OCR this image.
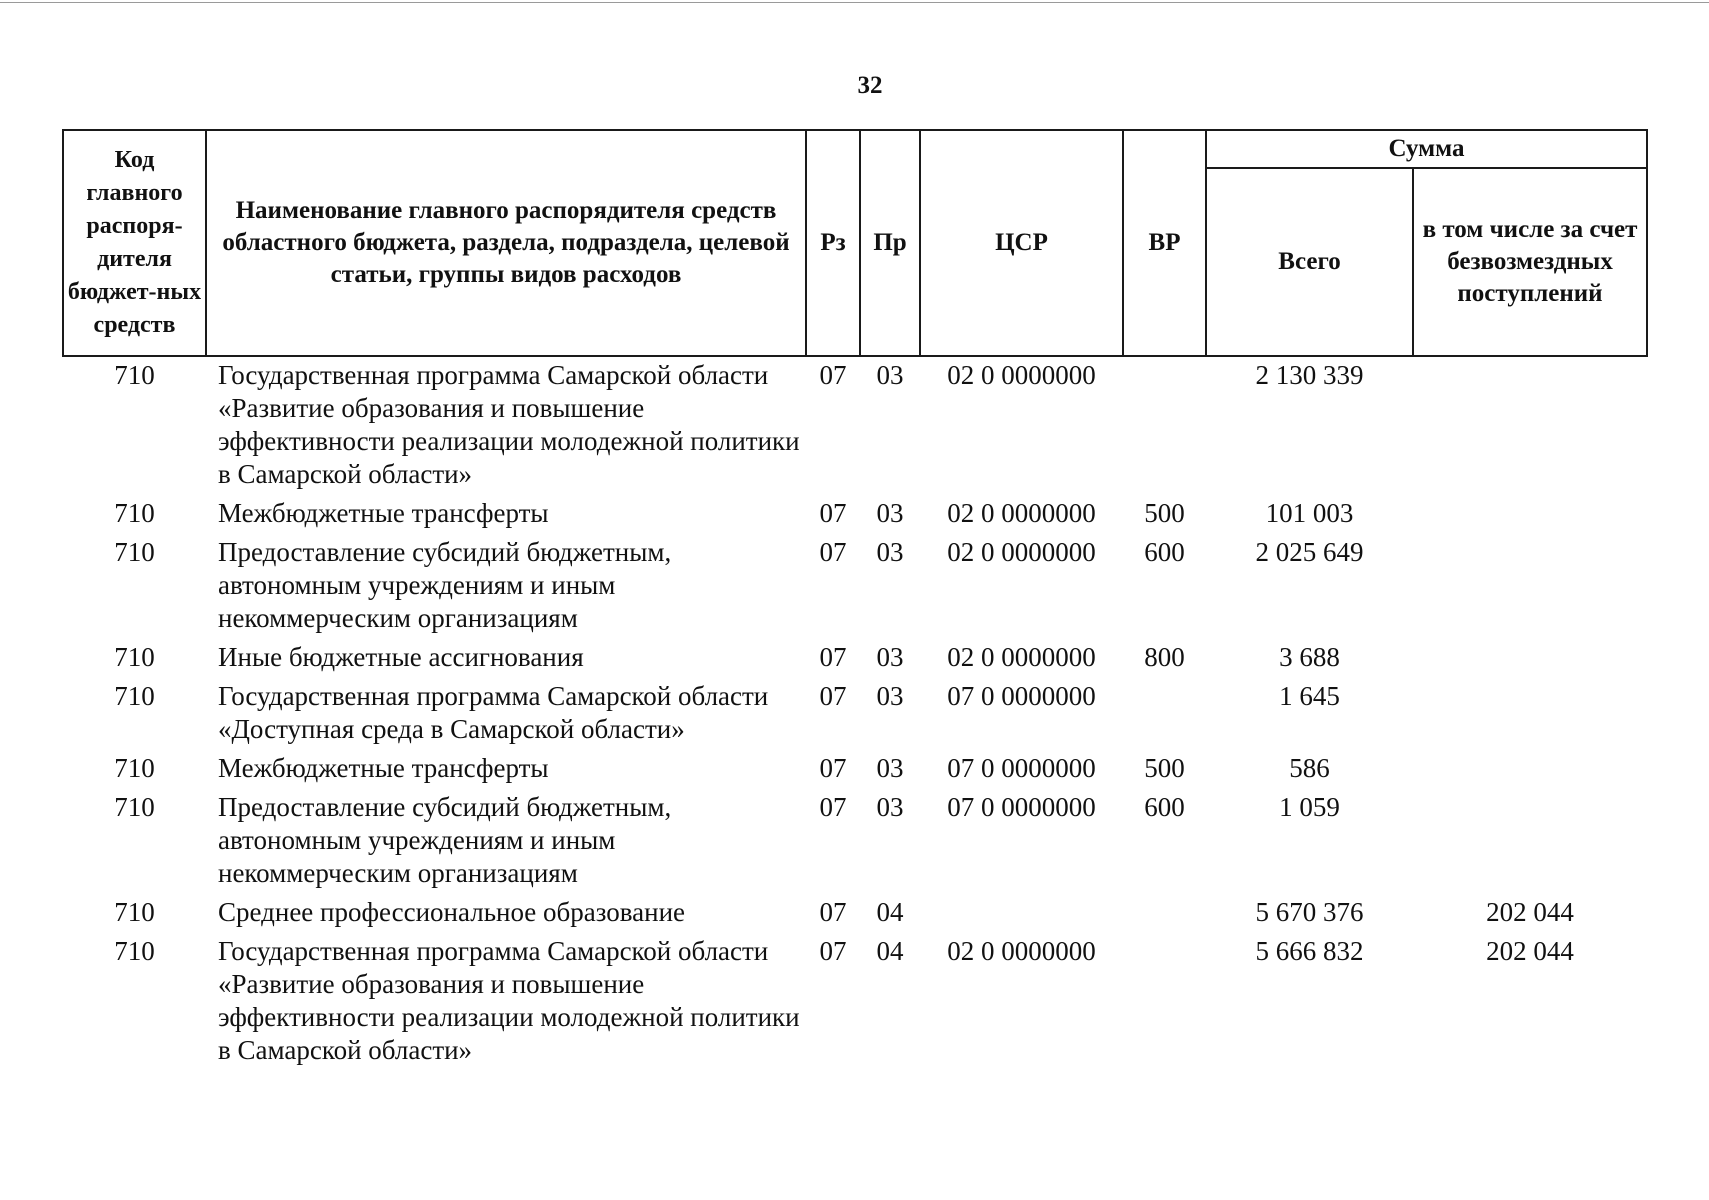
32
Код главного распоря-дителя бюджет-ных средств	Наименование главного распорядителя средств областного бюджета, раздела, подраздела, целевой статьи, группы видов расходов	Рз	Пр	ЦСР	ВР	Сумма	
						Всего	в том числе за счет безвозмездных поступлений
710	Государственная программа Самарской области «Развитие образования и повышение эффективности реализации молодежной политики в Самарской области»	07	03	02 0 0000000		2 130 339	
710	Межбюджетные трансферты	07	03	02 0 0000000	500	101 003	
710	Предоставление субсидий бюджетным, автономным учреждениям и иным некоммерческим организациям	07	03	02 0 0000000	600	2 025 649	
710	Иные бюджетные ассигнования	07	03	02 0 0000000	800	3 688	
710	Государственная программа Самарской области «Доступная среда в Самарской области»	07	03	07 0 0000000		1 645	
710	Межбюджетные трансферты	07	03	07 0 0000000	500	586	
710	Предоставление субсидий бюджетным, автономным учреждениям и иным некоммерческим организациям	07	03	07 0 0000000	600	1 059	
710	Среднее профессиональное образование	07	04			5 670 376	202 044
710	Государственная программа Самарской области «Развитие образования и повышение эффективности реализации молодежной политики в Самарской области»	07	04	02 0 0000000		5 666 832	202 044
